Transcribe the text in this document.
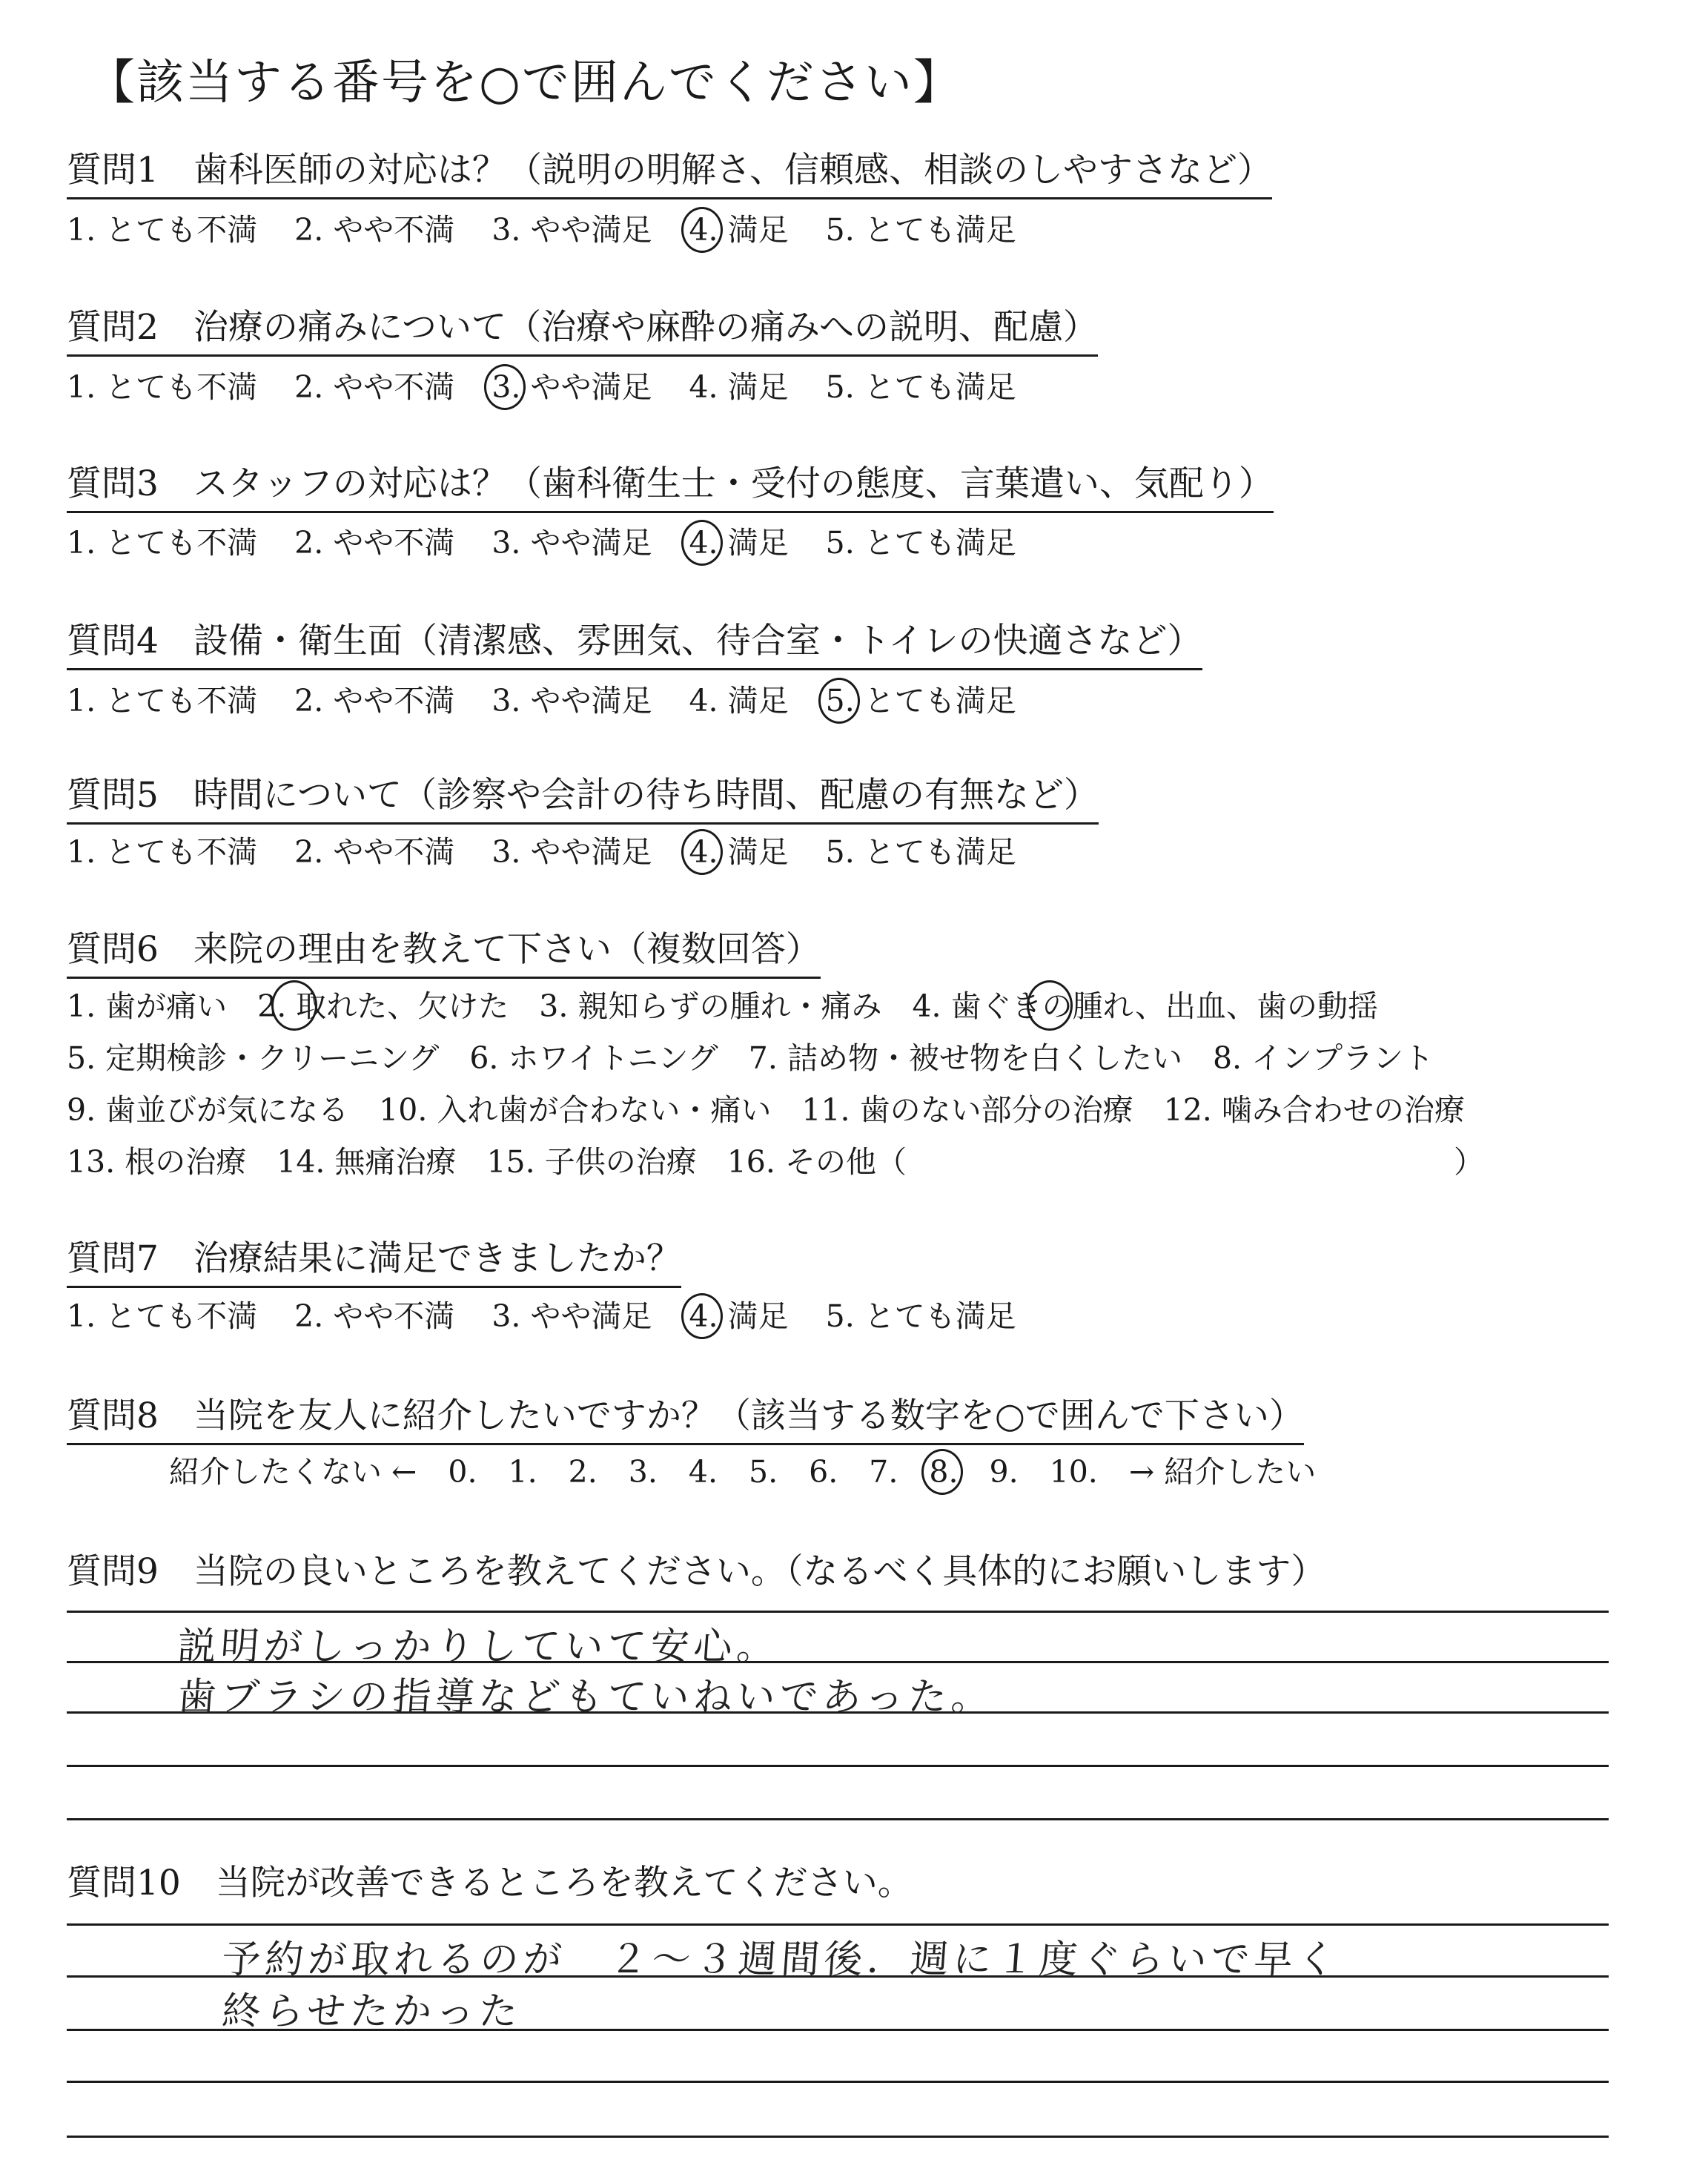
【該当する番号を○で囲んでください】
質問1　歯科医師の対応は？（説明の明解さ、信頼感、相談のしやすさなど）
1. とても不満 2. やや不満 3. やや満足 4. 満足 5. とても満足
質問2　治療の痛みについて（治療や麻酔の痛みへの説明、配慮）
1. とても不満 2. やや不満 3. やや満足 4. 満足 5. とても満足
質問3　スタッフの対応は？（歯科衛生士・受付の態度、言葉遣い、気配り）
1. とても不満 2. やや不満 3. やや満足 4. 満足 5. とても満足
質問4　設備・衛生面（清潔感、雰囲気、待合室・トイレの快適さなど）
1. とても不満 2. やや不満 3. やや満足 4. 満足 5. とても満足
質問5　時間について（診察や会計の待ち時間、配慮の有無など）
1. とても不満 2. やや不満 3. やや満足 4. 満足 5. とても満足
質問6　来院の理由を教えて下さい（複数回答）
1. 歯が痛い　2. 取れた、欠けた　3. 親知らずの腫れ・痛み　4. 歯ぐきの腫れ、出血、歯の動揺
5. 定期検診・クリーニング　6. ホワイトニング　7. 詰め物・被せ物を白くしたい　8. インプラント
9. 歯並びが気になる　10. 入れ歯が合わない・痛い　11. 歯のない部分の治療　12. 噛み合わせの治療
13. 根の治療　14. 無痛治療　15. 子供の治療　16. その他（　　　　　　　　　　　　　　　　　　）
質問7　治療結果に満足できましたか？
1. とても不満 2. やや不満 3. やや満足 4. 満足 5. とても満足
質問8　当院を友人に紹介したいですか？（該当する数字を○で囲んで下さい）
紹介したくない ← 0. 1. 2. 3. 4. 5. 6. 7. 8. 9. 10. → 紹介したい
質問9　当院の良いところを教えてください。（なるべく具体的にお願いします）
説明がしっかりしていて安心。
歯ブラシの指導などもていねいであった。
質問10　当院が改善できるところを教えてください。
予約が取れるのが　２〜３週間後．週に１度ぐらいで早く
終らせたかった
